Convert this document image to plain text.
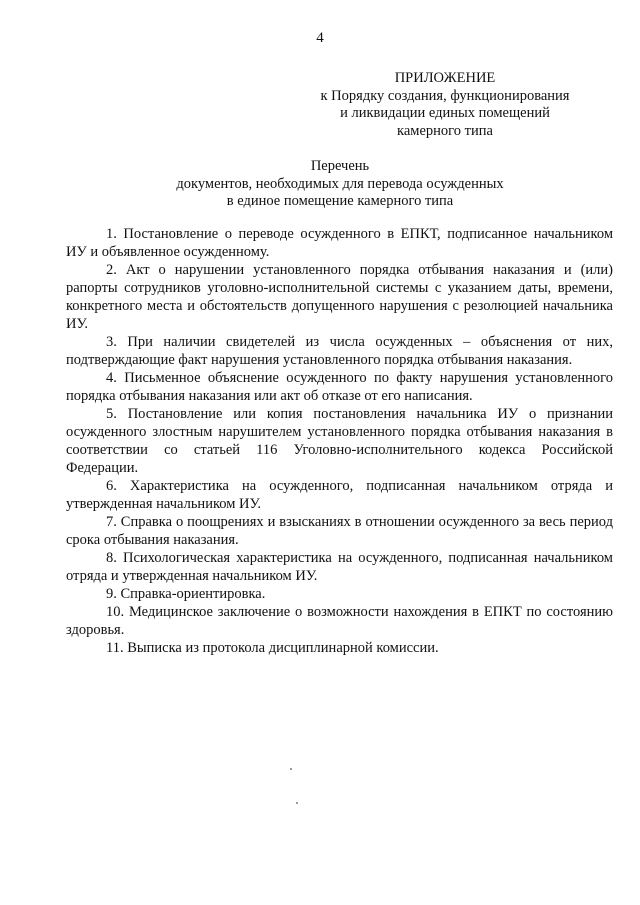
4
ПРИЛОЖЕНИЕ
к Порядку создания, функционирования
и ликвидации единых помещений
камерного типа
Перечень
документов, необходимых для перевода осужденных
в единое помещение камерного типа

1. Постановление о переводе осужденного в ЕПКТ, подписанное начальником ИУ и объявленное осужденному.

2. Акт о нарушении установленного порядка отбывания наказания и (или) рапорты сотрудников уголовно-исполнительной системы с указанием даты, времени, конкретного места и обстоятельств допущенного нарушения с резолюцией начальника ИУ.

3. При наличии свидетелей из числа осужденных – объяснения от них, подтверждающие факт нарушения установленного порядка отбывания наказания.

4. Письменное объяснение осужденного по факту нарушения установленного порядка отбывания наказания или акт об отказе от его написания.

5. Постановление или копия постановления начальника ИУ о признании осужденного злостным нарушителем установленного порядка отбывания наказания в соответствии со статьей 116 Уголовно-исполнительного кодекса Российской Федерации.

6. Характеристика на осужденного, подписанная начальником отряда и утвержденная начальником ИУ.

7. Справка о поощрениях и взысканиях в отношении осужденного за весь период срока отбывания наказания.

8. Психологическая характеристика на осужденного, подписанная начальником отряда и утвержденная начальником ИУ.

9. Справка-ориентировка.

10. Медицинское заключение о возможности нахождения в ЕПКТ по состоянию здоровья.

11. Выписка из протокола дисциплинарной комиссии.
